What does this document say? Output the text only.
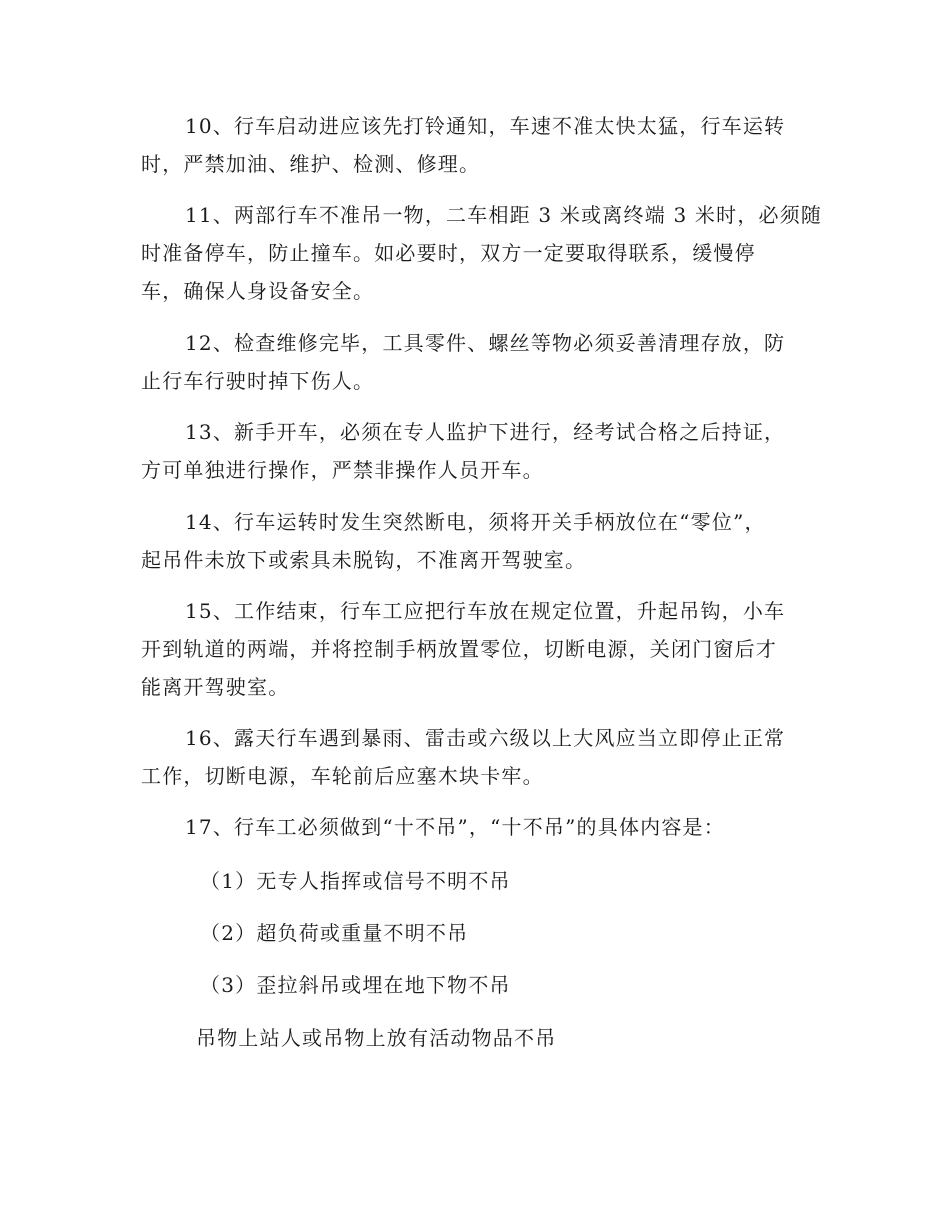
10、行车启动进应该先打铃通知，车速不准太快太猛，行车运转
时，严禁加油、维护、检测、修理。

11、两部行车不准吊一物，二车相距 3 米或离终端 3 米时，必须随
时准备停车，防止撞车。如必要时，双方一定要取得联系，缓慢停
车，确保人身设备安全。

12、检查维修完毕，工具零件、螺丝等物必须妥善清理存放，防
止行车行驶时掉下伤人。

13、新手开车，必须在专人监护下进行，经考试合格之后持证，
方可单独进行操作，严禁非操作人员开车。

14、行车运转时发生突然断电，须将开关手柄放位在“零位”，
起吊件未放下或索具未脱钩，不准离开驾驶室。

15、工作结束，行车工应把行车放在规定位置，升起吊钩，小车
开到轨道的两端，并将控制手柄放置零位，切断电源，关闭门窗后才
能离开驾驶室。

16、露天行车遇到暴雨、雷击或六级以上大风应当立即停止正常
工作，切断电源，车轮前后应塞木块卡牢。

17、行车工必须做到“十不吊”，“十不吊”的具体内容是：

（1）无专人指挥或信号不明不吊

（2）超负荷或重量不明不吊

（3）歪拉斜吊或埋在地下物不吊

吊物上站人或吊物上放有活动物品不吊
